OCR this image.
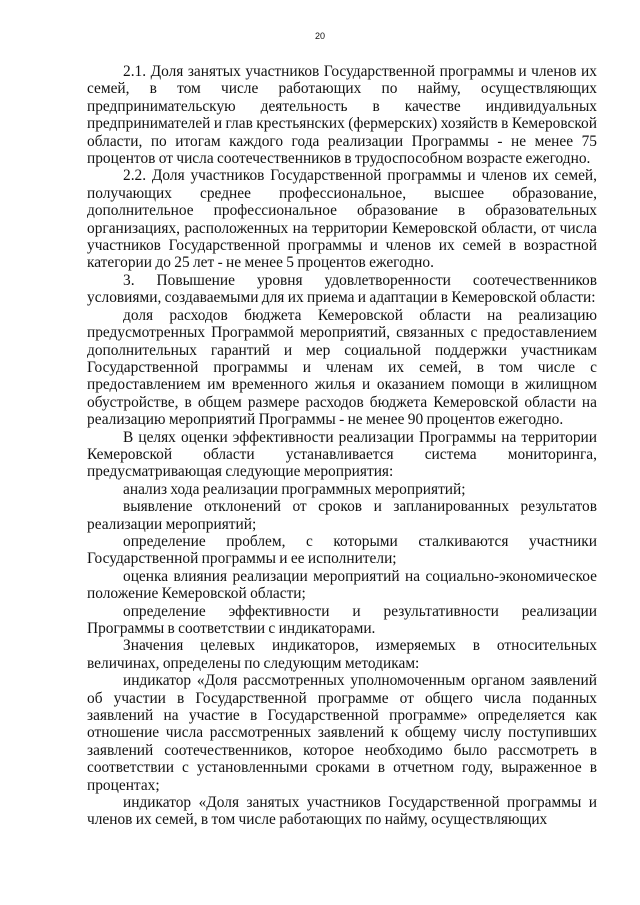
20

2.1. Доля занятых участников Государственной программы и членов их семей, в том числе работающих по найму, осуществляющих предпринимательскую деятельность в качестве индивидуальных предпринимателей и глав крестьянских (фермерских) хозяйств в Кемеровской области, по итогам каждого года реализации Программы - не менее 75 процентов от числа соотечественников в трудоспособном возрасте ежегодно.

2.2. Доля участников Государственной программы и членов их семей, получающих среднее профессиональное, высшее образование, дополнительное профессиональное образование в образовательных организациях, расположенных на территории Кемеровской области, от числа участников Государственной программы и членов их семей в возрастной категории до 25 лет - не менее 5 процентов ежегодно.

3. Повышение уровня удовлетворенности соотечественников условиями, создаваемыми для их приема и адаптации в Кемеровской области:

доля расходов бюджета Кемеровской области на реализацию предусмотренных Программой мероприятий, связанных с предоставлением дополнительных гарантий и мер социальной поддержки участникам Государственной программы и членам их семей, в том числе с предоставлением им временного жилья и оказанием помощи в жилищном обустройстве, в общем размере расходов бюджета Кемеровской области на реализацию мероприятий Программы - не менее 90 процентов ежегодно.

В целях оценки эффективности реализации Программы на территории Кемеровской области устанавливается система мониторинга, предусматривающая следующие мероприятия:

анализ хода реализации программных мероприятий;

выявление отклонений от сроков и запланированных результатов реализации мероприятий;

определение проблем, с которыми сталкиваются участники Государственной программы и ее исполнители;

оценка влияния реализации мероприятий на социально-экономическое положение Кемеровской области;

определение эффективности и результативности реализации Программы в соответствии с индикаторами.

Значения целевых индикаторов, измеряемых в относительных величинах, определены по следующим методикам:

индикатор «Доля рассмотренных уполномоченным органом заявлений об участии в Государственной программе от общего числа поданных заявлений на участие в Государственной программе» определяется как отношение числа рассмотренных заявлений к общему числу поступивших заявлений соотечественников, которое необходимо было рассмотреть в соответствии с установленными сроками в отчетном году, выраженное в процентах;

индикатор «Доля занятых участников Государственной программы и членов их семей, в том числе работающих по найму, осуществляющих
